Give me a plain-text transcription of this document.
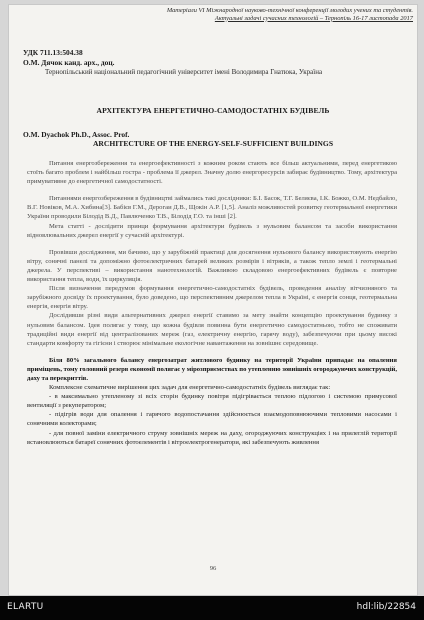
Матеріали VI Міжнародної науково-технічної конференції молодих учених та студентів.
Актуальні задачі сучасних технологій – Тернопіль 16-17 листопада 2017
УДК 711.13:504.38
О.М. Дячок канд. арх., доц.
Тернопільський національний педагогічний університет імені Володимира Гнатюка, Україна
АРХІТЕКТУРА ЕНЕРГЕТИЧНО-САМОДОСТАТНІХ БУДІВЕЛЬ
O.M. Dyachok Ph.D., Assoc. Prof.
ARCHITECTURE OF THE ENERGY-SELF-SUFFICIENT BUILDINGS

Питання енергозбереження та енергоефективності з кожним роком стають все більш актуальними, перед енергетикою стоїть багато проблем і найбільш гостра - проблема її джерел. Значну долю енергоресурсів забирає будівництво. Тому, архітектура примувативне до енергетичної самодостатності.

Питаннями енергозбереження в будівництві займались такі дослідники: Б.І. Басок, Т.Г. Беляєва, І.К. Божко, О.М. Недбайло, В.Г. Новіков, М.А. Хибина[3]. Бабієв Г.М., Дерогаи Д.В., Щокін А.Р. [1,5]. Аналіз можливостей розвитку геотермальної енергетики України проводили Білодід В.Д., Павлюченко Т.В., Білодід Г.О. та інші [2].

Мета статті - дослідити принци формування архітектури будівель з нульовим балансом та засоби використання відновлювальних джерел енергії у сучасній архітектурі.

Провівши дослідження, ми бачимо, що у зарубіжній практиці для досягнення нульового балансу використовують енергію вітру, сонячні панелі та допоміжно фотоелектричних батарей великих розмірів і вітряків, а також тепло землі і геотермальні джерела. У перспективі – використання нанотехнологій. Важливою складовою енергоефективних будівель є повторне використання тепла, води, їх циркуляція.

Після визначення передумов формування енергетично-самодостатніх будівель, проведення аналізу вітчизняного та зарубіжного досвіду їх проектування, було доведено, що перспективним джерелом тепла в Україні, є енергія сонця, геотермальна енергія, енергія вітру.

Дослідивши різні види альтернативних джерел енергії ставимо за мету знайти концепцію проектування будинку з нульовим балансом. Ідея полягає у тому, що кожна будівля повинна бути енергетично самодостатньою, тобто не споживати традиційні види енергії від централізованих мереж (газ, електричну енергію, гарячу воду), забезпечуючи при цьому високі стандарти комфорту та гігієни і створює мінімальне екологічне навантаження на зовнішнє середовище.

Біля 80% загального балансу енергозатрат житлового будинку на території України припадає на опалення приміщень, тому головний резерв економії полягає у мірозприємствах по утепленню зовнішніх огороджуючих конструкцій, даху та перекриттів.

Комплексне схематичне вирішення цих задач для енергетично-самодостатніх будівель виглядає так:

- в максимально утепленому зі всіх сторін будинку повітря підігрівається теплою підлогою і системою примусової вентиляції з рекуператором;

- підігрів води для опалення і гарячого водопостачання здійснюється взаємодоповнюючими тепловими насосами і сонячними колекторами;

- для повної заміни електричного струму зовнішніх мереж на даху, огороджуючих конструкціях і на прилеглій території встановлюються батареї сонячних фотоелементів і вітроелектрогенератори, які забезпечують живлення

96
ELARTU	hdl:lib/22854
